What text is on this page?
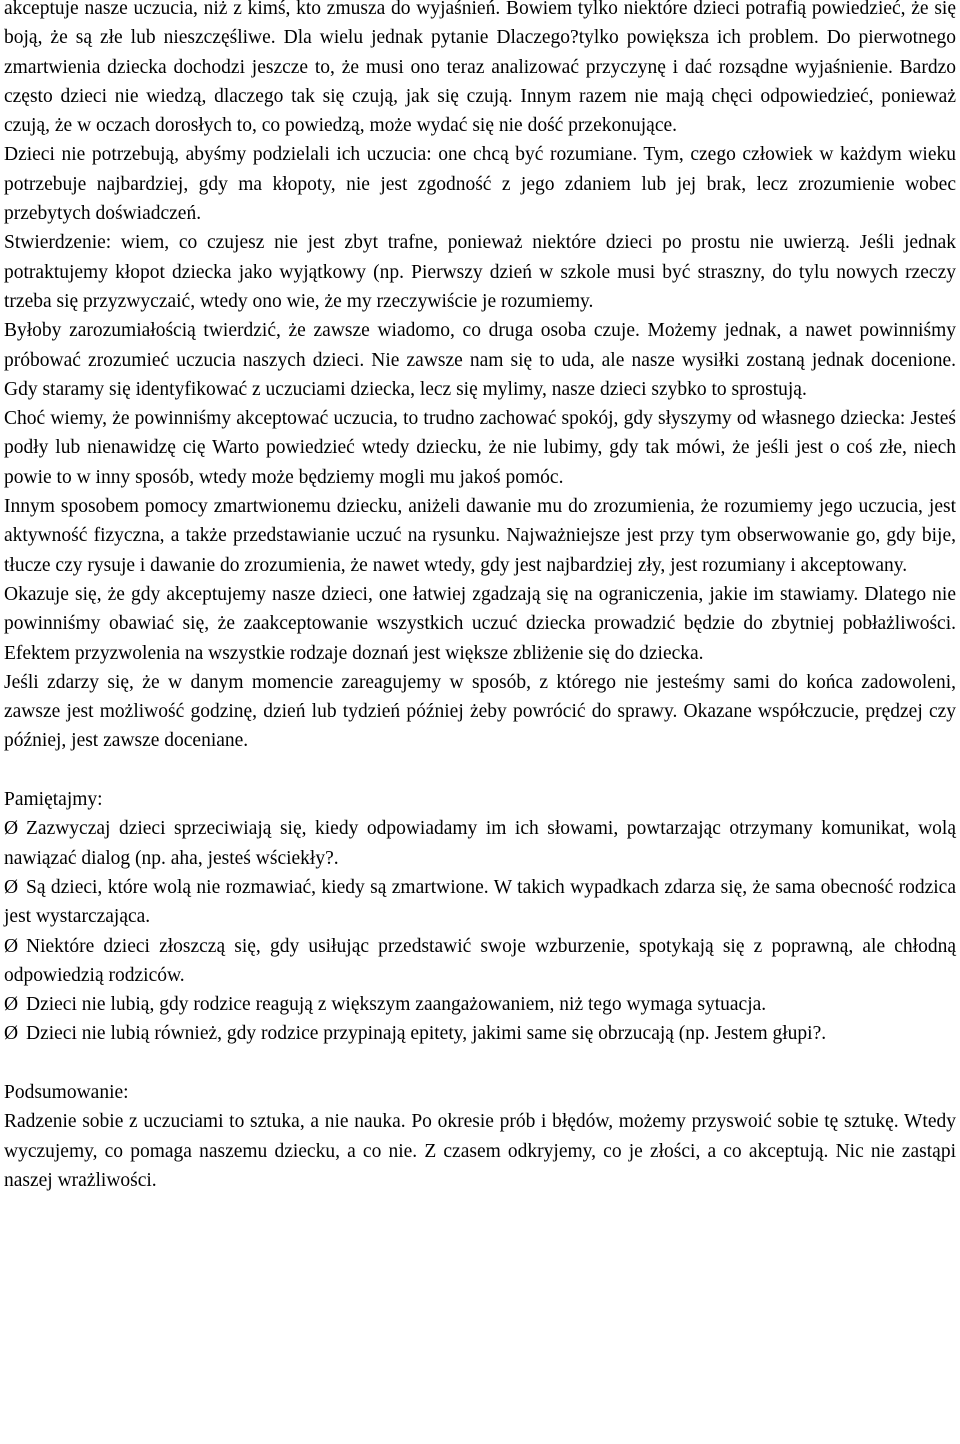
akceptuje nasze uczucia, niż z kimś, kto zmusza do wyjaśnień. Bowiem tylko niektóre dzieci potrafią powiedzieć, że się boją, że są złe lub nieszczęśliwe. Dla wielu jednak pytanie Dlaczego?tylko powiększa ich problem. Do pierwotnego zmartwienia dziecka dochodzi jeszcze to, że musi ono teraz analizować przyczynę i dać rozsądne wyjaśnienie. Bardzo często dzieci nie wiedzą, dlaczego tak się czują, jak się czują. Innym razem nie mają chęci odpowiedzieć, ponieważ czują, że w oczach dorosłych to, co powiedzą, może wydać się nie dość przekonujące.

Dzieci nie potrzebują, abyśmy podzielali ich uczucia: one chcą być rozumiane. Tym, czego człowiek w każdym wieku potrzebuje najbardziej, gdy ma kłopoty, nie jest zgodność z jego zdaniem lub jej brak, lecz zrozumienie wobec przebytych doświadczeń.

Stwierdzenie: wiem, co czujesz nie jest zbyt trafne, ponieważ niektóre dzieci po prostu nie uwierzą. Jeśli jednak potraktujemy kłopot dziecka jako wyjątkowy (np. Pierwszy dzień w szkole musi być straszny, do tylu nowych rzeczy trzeba się przyzwyczaić, wtedy ono wie, że my rzeczywiście je rozumiemy.

Byłoby zarozumiałością twierdzić, że zawsze wiadomo, co druga osoba czuje. Możemy jednak, a nawet powinniśmy próbować zrozumieć uczucia naszych dzieci. Nie zawsze nam się to uda, ale nasze wysiłki zostaną jednak docenione. Gdy staramy się identyfikować z uczuciami dziecka, lecz się mylimy, nasze dzieci szybko to sprostują.

Choć wiemy, że powinniśmy akceptować uczucia, to trudno zachować spokój, gdy słyszymy od własnego dziecka: Jesteś podły lub nienawidzę cię Warto powiedzieć wtedy dziecku, że nie lubimy, gdy tak mówi, że jeśli jest o coś złe, niech powie to w inny sposób, wtedy może będziemy mogli mu jakoś pomóc.

Innym sposobem pomocy zmartwionemu dziecku, aniżeli dawanie mu do zrozumienia, że rozumiemy jego uczucia, jest aktywność fizyczna, a także przedstawianie uczuć na rysunku. Najważniejsze jest przy tym obserwowanie go, gdy bije, tłucze czy rysuje i dawanie do zrozumienia, że nawet wtedy, gdy jest najbardziej zły, jest rozumiany i akceptowany.

Okazuje się, że gdy akceptujemy nasze dzieci, one łatwiej zgadzają się na ograniczenia, jakie im stawiamy. Dlatego nie powinniśmy obawiać się, że zaakceptowanie wszystkich uczuć dziecka prowadzić będzie do zbytniej pobłażliwości. Efektem przyzwolenia na wszystkie rodzaje doznań jest większe zbliżenie się do dziecka.

Jeśli zdarzy się, że w danym momencie zareagujemy w sposób, z którego nie jesteśmy sami do końca zadowoleni, zawsze jest możliwość godzinę, dzień lub tydzień później żeby powrócić do sprawy. Okazane współczucie, prędzej czy później, jest zawsze doceniane.

Pamiętajmy:

Ø Zazwyczaj dzieci sprzeciwiają się, kiedy odpowiadamy im ich słowami, powtarzając otrzymany komunikat, wolą nawiązać dialog (np. aha, jesteś wściekły?.

Ø Są dzieci, które wolą nie rozmawiać, kiedy są zmartwione. W takich wypadkach zdarza się, że sama obecność rodzica jest wystarczająca.

Ø Niektóre dzieci złoszczą się, gdy usiłując przedstawić swoje wzburzenie, spotykają się z poprawną, ale chłodną odpowiedzią rodziców.

Ø Dzieci nie lubią, gdy rodzice reagują z większym zaangażowaniem, niż tego wymaga sytuacja.

Ø Dzieci nie lubią również, gdy rodzice przypinają epitety, jakimi same się obrzucają (np. Jestem głupi?.

Podsumowanie:

Radzenie sobie z uczuciami to sztuka, a nie nauka. Po okresie prób i błędów, możemy przyswoić sobie tę sztukę. Wtedy wyczujemy, co pomaga naszemu dziecku, a co nie. Z czasem odkryjemy, co je złości, a co akceptują. Nic nie zastąpi naszej wrażliwości.
